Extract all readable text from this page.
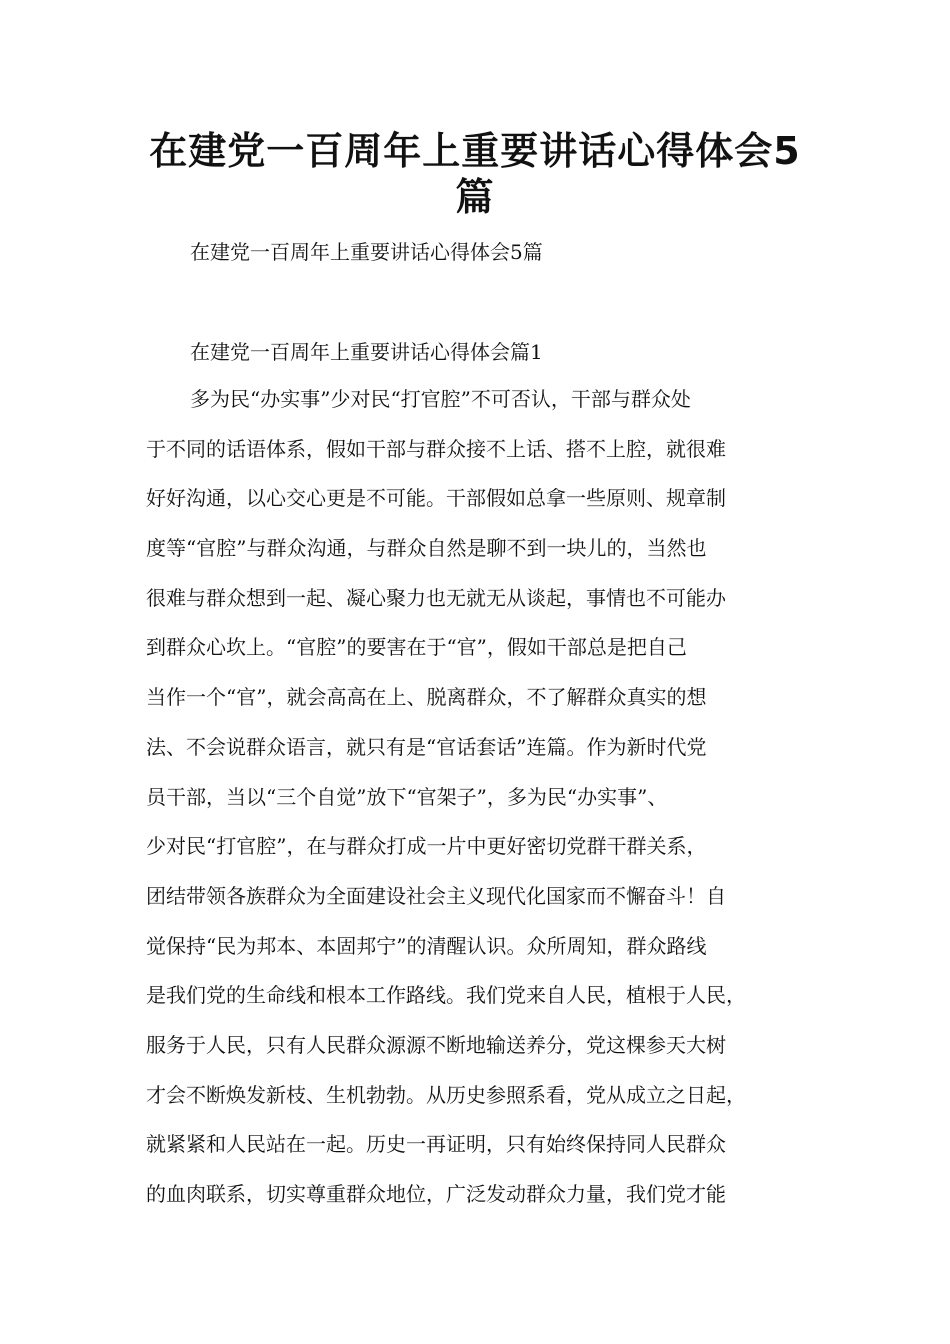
在建党一百周年上重要讲话心得体会5篇

在建党一百周年上重要讲话心得体会5篇

在建党一百周年上重要讲话心得体会篇1

多为民“办实事”少对民“打官腔”不可否认，干部与群众处
于不同的话语体系，假如干部与群众接不上话、搭不上腔，就很难
好好沟通，以心交心更是不可能。干部假如总拿一些原则、规章制
度等“官腔”与群众沟通，与群众自然是聊不到一块儿的，当然也
很难与群众想到一起、凝心聚力也无就无从谈起，事情也不可能办
到群众心坎上。“官腔”的要害在于“官”，假如干部总是把自己
当作一个“官”，就会高高在上、脱离群众，不了解群众真实的想
法、不会说群众语言，就只有是“官话套话”连篇。作为新时代党
员干部，当以“三个自觉”放下“官架子”，多为民“办实事”、
少对民“打官腔”，在与群众打成一片中更好密切党群干群关系，
团结带领各族群众为全面建设社会主义现代化国家而不懈奋斗！自
觉保持“民为邦本、本固邦宁”的清醒认识。众所周知，群众路线
是我们党的生命线和根本工作路线。我们党来自人民，植根于人民，
服务于人民，只有人民群众源源不断地输送养分，党这棵参天大树
才会不断焕发新枝、生机勃勃。从历史参照系看，党从成立之日起，
就紧紧和人民站在一起。历史一再证明，只有始终保持同人民群众
的血肉联系，切实尊重群众地位，广泛发动群众力量，我们党才能
